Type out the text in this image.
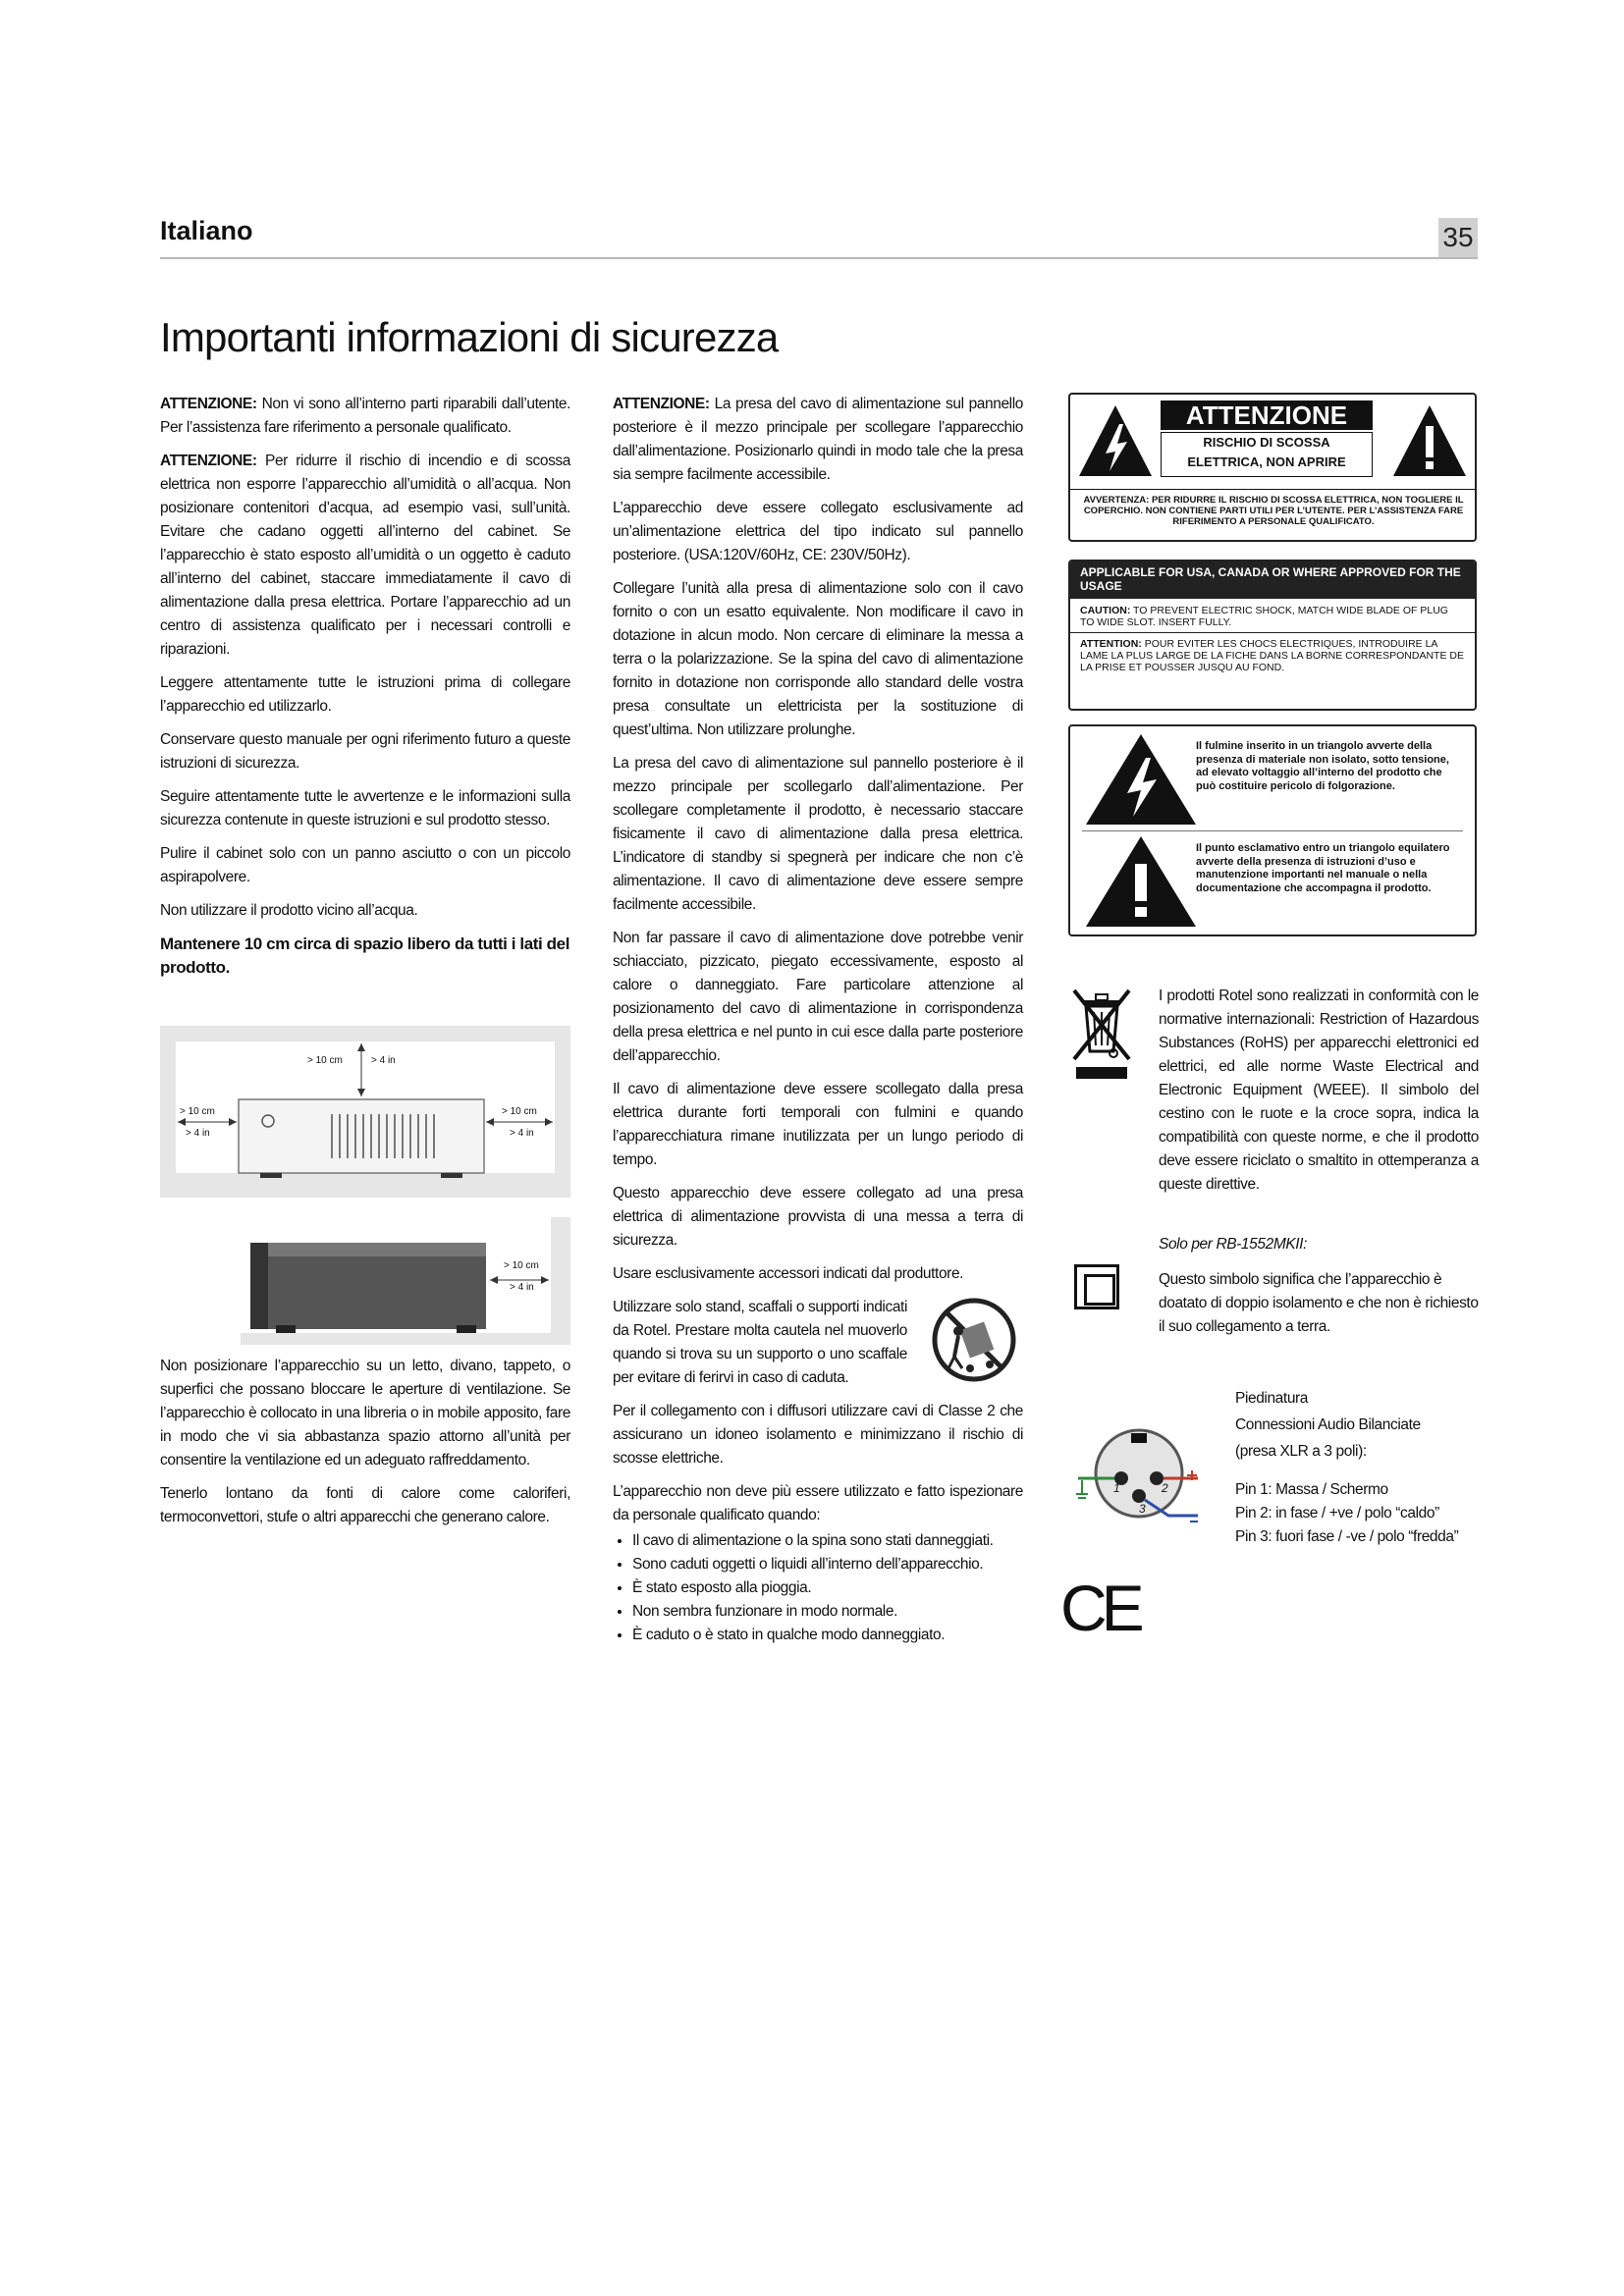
Italiano	35
Importanti informazioni di sicurezza

ATTENZIONE: Non vi sono all’interno parti riparabili dall’utente. Per l’assistenza fare riferimento a personale qualificato.

ATTENZIONE: Per ridurre il rischio di incendio e di scossa elettrica non esporre l’apparecchio all’umidità o all’acqua. Non posizionare contenitori d’acqua, ad esempio vasi, sull’unità. Evitare che cadano oggetti all’interno del cabinet. Se l’apparecchio è stato esposto all’umidità o un oggetto è caduto all’interno del cabinet, staccare immediatamente il cavo di alimentazione dalla presa elettrica. Portare l’apparecchio ad un centro di assistenza qualificato per i necessari controlli e riparazioni.

Leggere attentamente tutte le istruzioni prima di collegare l’apparecchio ed utilizzarlo.

Conservare questo manuale per ogni riferimento futuro a queste istruzioni di sicurezza.

Seguire attentamente tutte le avvertenze e le informazioni sulla sicurezza contenute in queste istruzioni e sul prodotto stesso.

Pulire il cabinet solo con un panno asciutto o con un piccolo aspirapolvere.

Non utilizzare il prodotto vicino all’acqua.

Mantenere 10 cm circa di spazio libero da tutti i lati del prodotto.

> 10 cm	> 4 in
> 10 cm
> 4 in
> 10 cm
> 4 in
> 10 cm
> 4 in

Non posizionare l’apparecchio su un letto, divano, tappeto, o superfici che possano bloccare le aperture di ventilazione. Se l’apparecchio è collocato in una libreria o in mobile apposito, fare in modo che vi sia abbastanza spazio attorno all’unità per consentire la ventilazione ed un adeguato raffreddamento.

Tenerlo lontano da fonti di calore come caloriferi, termoconvettori, stufe o altri apparecchi che generano calore.

ATTENZIONE: La presa del cavo di alimentazione sul pannello posteriore è il mezzo principale per scollegare l’apparecchio dall’alimentazione. Posizionarlo quindi in modo tale che la presa sia sempre facilmente accessibile.

L’apparecchio deve essere collegato esclusivamente ad un’alimentazione elettrica del tipo indicato sul pannello posteriore. (USA:120V/60Hz, CE: 230V/50Hz).

Collegare l’unità alla presa di alimentazione solo con il cavo fornito o con un esatto equivalente. Non modificare il cavo in dotazione in alcun modo. Non cercare di eliminare la messa a terra o la polarizzazione. Se la spina del cavo di alimentazione fornito in dotazione non corrisponde allo standard delle vostra presa consultate un elettricista per la sostituzione di quest’ultima. Non utilizzare prolunghe.

La presa del cavo di alimentazione sul pannello posteriore è il mezzo principale per scollegarlo dall’alimentazione. Per scollegare completamente il prodotto, è necessario staccare fisicamente il cavo di alimentazione dalla presa elettrica. L’indicatore di standby si spegnerà per indicare che non c’è alimentazione. Il cavo di alimentazione deve essere sempre facilmente accessibile.

Non far passare il cavo di alimentazione dove potrebbe venir schiacciato, pizzicato, piegato eccessivamente, esposto al calore o danneggiato. Fare particolare attenzione al posizionamento del cavo di alimentazione in corrispondenza della presa elettrica e nel punto in cui esce dalla parte posteriore dell’apparecchio.

Il cavo di alimentazione deve essere scollegato dalla presa elettrica durante forti temporali con fulmini e quando l’apparecchiatura rimane inutilizzata per un lungo periodo di tempo.

Questo apparecchio deve essere collegato ad una presa elettrica di alimentazione provvista di una messa a terra di sicurezza.

Usare esclusivamente accessori indicati dal produttore.

Utilizzare solo stand, scaffali o supporti indicati da Rotel. Prestare molta cautela nel muoverlo quando si trova su un supporto o uno scaffale per evitare di ferirvi in caso di caduta.

Per il collegamento con i diffusori utilizzare cavi di Classe 2 che assicurano un idoneo isolamento e minimizzano il rischio di scosse elettriche.

L’apparecchio non deve più essere utilizzato e fatto ispezionare da personale qualificato quando:

• Il cavo di alimentazione o la spina sono stati danneggiati.
• Sono caduti oggetti o liquidi all’interno dell’apparecchio.
• È stato esposto alla pioggia.
• Non sembra funzionare in modo normale.
• È caduto o è stato in qualche modo danneggiato.
ATTENZIONE
RISCHIO DI SCOSSA
ELETTRICA, NON APRIRE
AVVERTENZA: PER RIDURRE IL RISCHIO DI SCOSSA ELETTRICA, NON TOGLIERE IL COPERCHIO. NON CONTIENE PARTI UTILI PER L’UTENTE. PER L’ASSISTENZA FARE RIFERIMENTO A PERSONALE QUALIFICATO.
APPLICABLE FOR USA, CANADA OR WHERE APPROVED FOR THE USAGE
CAUTION: TO PREVENT ELECTRIC SHOCK, MATCH WIDE BLADE OF PLUG TO WIDE SLOT. INSERT FULLY.
ATTENTION: POUR EVITER LES CHOCS ELECTRIQUES, INTRODUIRE LA LAME LA PLUS LARGE DE LA FICHE DANS LA BORNE CORRESPONDANTE DE LA PRISE ET POUSSER JUSQU AU FOND.
Il fulmine inserito in un triangolo avverte della presenza di materiale non isolato, sotto tensione, ad elevato voltaggio all’interno del prodotto che può costituire pericolo di folgorazione.
Il punto esclamativo entro un triangolo equilatero avverte della presenza di istruzioni d’uso e manutenzione importanti nel manuale o nella documentazione che accompagna il prodotto.
I prodotti Rotel sono realizzati in conformità con le normative internazionali: Restriction of Hazardous Substances (RoHS) per apparecchi elettronici ed elettrici, ed alle norme Waste Electrical and Electronic Equipment (WEEE). Il simbolo del cestino con le ruote e la croce sopra, indica la compatibilità con queste norme, e che il prodotto deve essere riciclato o smaltito in ottemperanza a queste direttive.
Solo per RB-1552MKII:
Questo simbolo significa che l’apparecchio è doatato di doppio isolamento e che non è richiesto il suo collegamento a terra.
Piedinatura
Connessioni Audio Bilanciate
(presa XLR a 3 poli):
1	2
3
Pin 1: Massa / Schermo
Pin 2: in fase / +ve / polo “caldo”
Pin 3: fuori fase / -ve / polo “fredda”
CE
